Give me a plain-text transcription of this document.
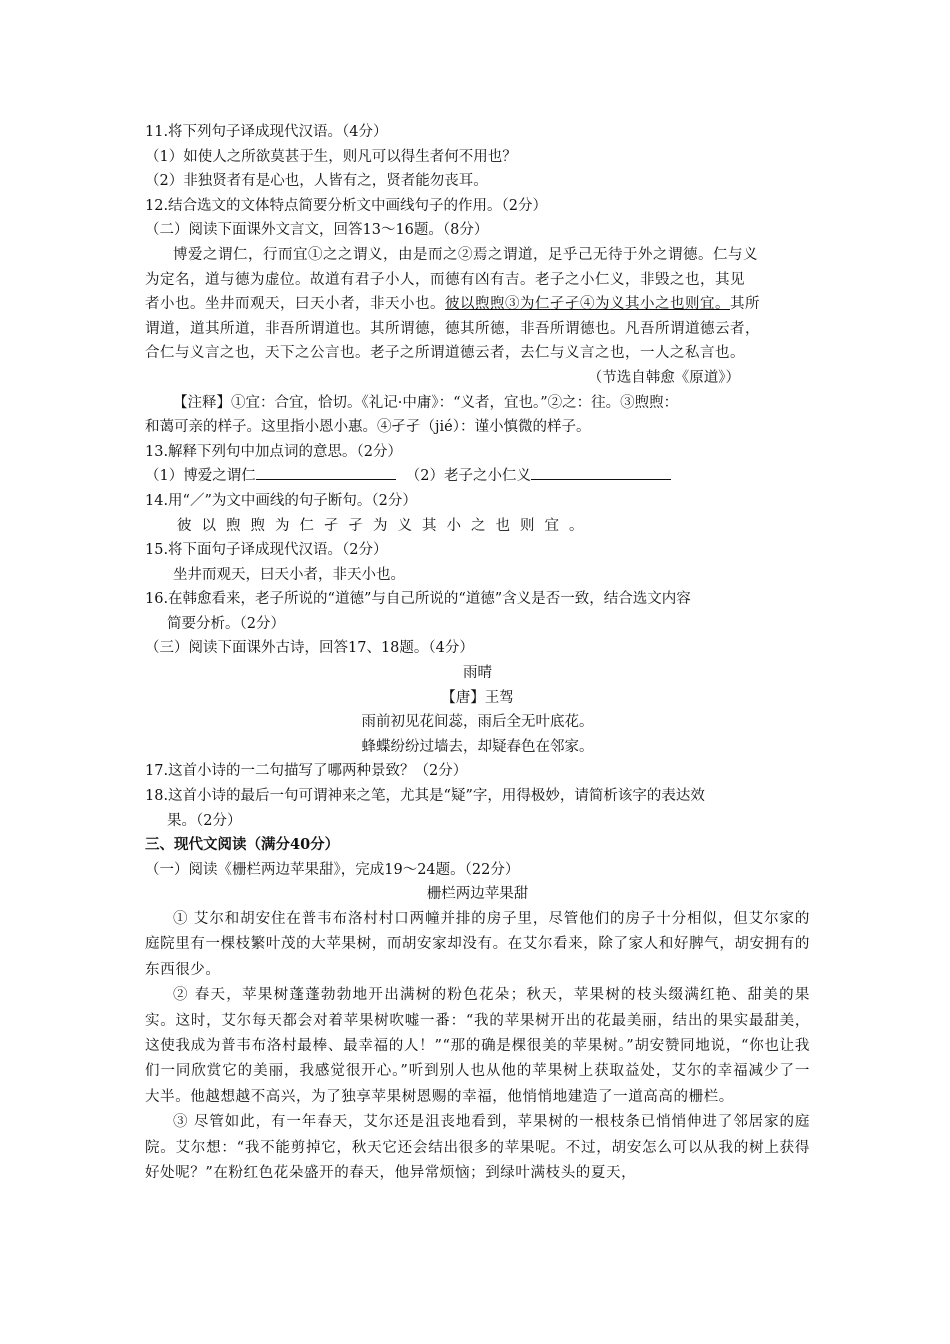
11.将下列句子译成现代汉语。（4分）
（1）如使人之所欲莫甚于生，则凡可以得生者何不用也？
（2）非独贤者有是心也，人皆有之，贤者能勿丧耳。
12.结合选文的文体特点简要分析文中画线句子的作用。（2分）
（二）阅读下面课外文言文，回答13～16题。（8分）
博爱之谓仁，行而宜①之之谓义，由是而之②焉之谓道，足乎己无待于外之谓德。仁与义
为定名，道与德为虚位。故道有君子小人，而德有凶有吉。老子之小仁义，非毁之也，其见
者小也。坐井而观天，曰天小者，非天小也。彼以煦煦③为仁孑孑④为义其小之也则宜。其所
谓道，道其所道，非吾所谓道也。其所谓德，德其所德，非吾所谓德也。凡吾所谓道德云者，
合仁与义言之也，天下之公言也。老子之所谓道德云者，去仁与义言之也，一人之私言也。
（节选自韩愈《原道》）
【注释】①宜：合宜，恰切。《礼记·中庸》：“义者，宜也。”②之：往。③煦煦：
和蔼可亲的样子。这里指小恩小惠。④孑孑（jié）：谨小慎微的样子。
13.解释下列句中加点词的意思。（2分）
（1）博爱之谓仁	（2）老子之小仁义
14.用“／”为文中画线的句子断句。（2分）
彼以煦煦为仁孑孑为义其小之也则宜。
15.将下面句子译成现代汉语。（2分）
坐井而观天，曰天小者，非天小也。
16.在韩愈看来，老子所说的“道德”与自己所说的“道德”含义是否一致，结合选文内容
简要分析。（2分）
（三）阅读下面课外古诗，回答17、18题。（4分）
雨晴
【唐】王驾
雨前初见花间蕊，雨后全无叶底花。
蜂蝶纷纷过墙去，却疑春色在邻家。
17.这首小诗的一二句描写了哪两种景致？（2分）
18.这首小诗的最后一句可谓神来之笔，尤其是“疑”字，用得极妙，请简析该字的表达效
果。（2分）
三、现代文阅读（满分40分）
（一）阅读《栅栏两边苹果甜》，完成19～24题。（22分）
栅栏两边苹果甜
① 艾尔和胡安住在普韦布洛村村口两幢并排的房子里，尽管他们的房子十分相似，但艾尔家的庭院里有一棵枝繁叶茂的大苹果树，而胡安家却没有。在艾尔看来，除了家人和好脾气，胡安拥有的东西很少。
② 春天，苹果树蓬蓬勃勃地开出满树的粉色花朵；秋天，苹果树的枝头缀满红艳、甜美的果实。这时，艾尔每天都会对着苹果树吹嘘一番：“我的苹果树开出的花最美丽，结出的果实最甜美，这使我成为普韦布洛村最棒、最幸福的人！”“那的确是棵很美的苹果树。”胡安赞同地说，“你也让我们一同欣赏它的美丽，我感觉很开心。”听到别人也从他的苹果树上获取益处，艾尔的幸福减少了一大半。他越想越不高兴，为了独享苹果树恩赐的幸福，他悄悄地建造了一道高高的栅栏。
③ 尽管如此，有一年春天，艾尔还是沮丧地看到，苹果树的一根枝条已悄悄伸进了邻居家的庭院。艾尔想：“我不能剪掉它，秋天它还会结出很多的苹果呢。不过，胡安怎么可以从我的树上获得好处呢？”在粉红色花朵盛开的春天，他异常烦恼；到绿叶满枝头的夏天，
